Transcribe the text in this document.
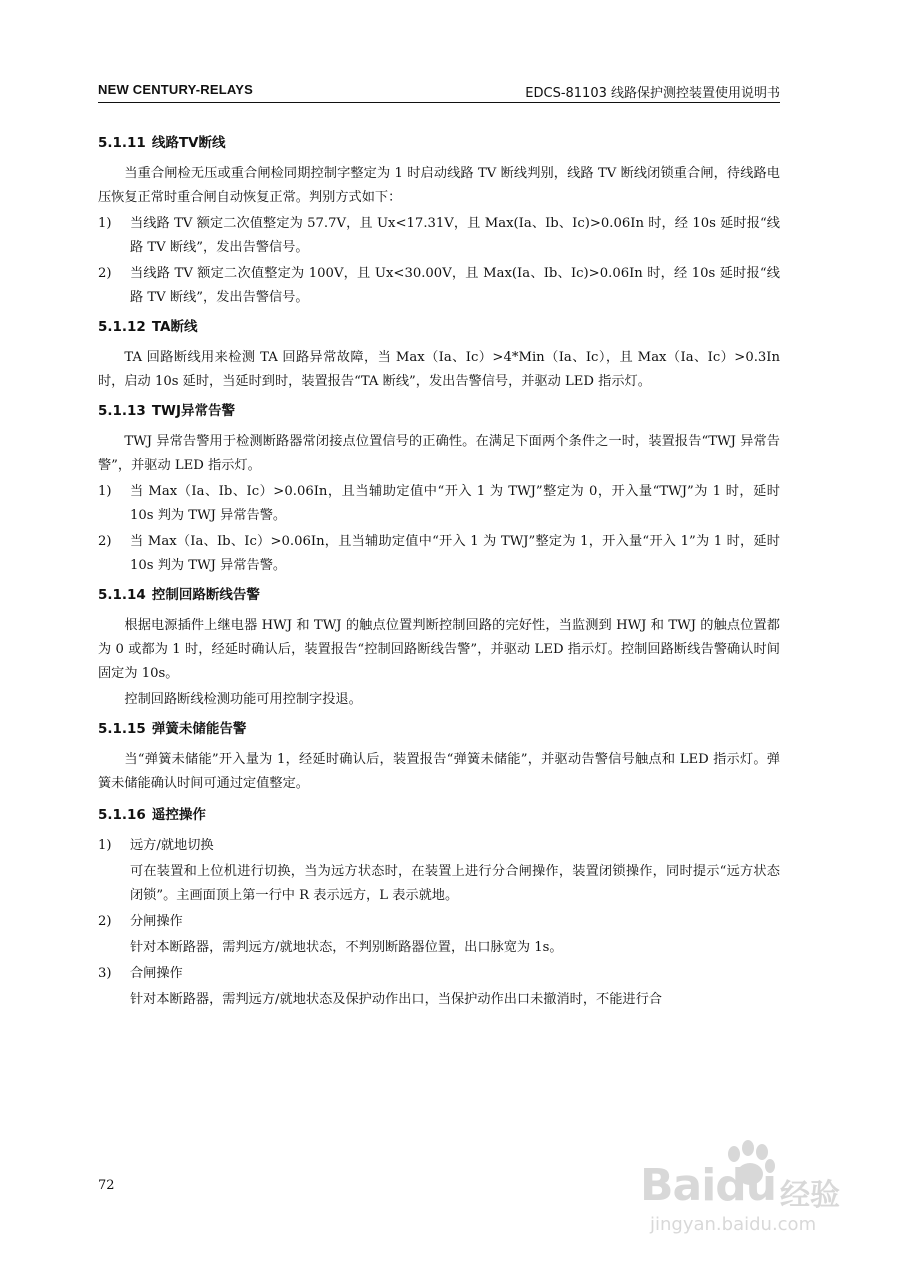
NEW CENTURY-RELAYS	EDCS-81103 线路保护测控装置使用说明书
5.1.11 线路TV断线

当重合闸检无压或重合闸检同期控制字整定为 1 时启动线路 TV 断线判别，线路 TV 断线闭锁重合闸，待线路电压恢复正常时重合闸自动恢复正常。判别方式如下：

1)	当线路 TV 额定二次值整定为 57.7V，且 Ux<17.31V，且 Max(Ia、Ib、Ic)>0.06In 时，经 10s 延时报“线路 TV 断线”，发出告警信号。
2)	当线路 TV 额定二次值整定为 100V，且 Ux<30.00V，且 Max(Ia、Ib、Ic)>0.06In 时，经 10s 延时报“线路 TV 断线”，发出告警信号。
5.1.12 TA断线

TA 回路断线用来检测 TA 回路异常故障，当 Max（Ia、Ic）>4*Min（Ia、Ic），且 Max（Ia、Ic）>0.3In 时，启动 10s 延时，当延时到时，装置报告“TA 断线”，发出告警信号，并驱动 LED 指示灯。

5.1.13 TWJ异常告警

TWJ 异常告警用于检测断路器常闭接点位置信号的正确性。在满足下面两个条件之一时，装置报告“TWJ 异常告警”，并驱动 LED 指示灯。

1)	当 Max（Ia、Ib、Ic）>0.06In，且当辅助定值中“开入 1 为 TWJ”整定为 0，开入量“TWJ”为 1 时，延时 10s 判为 TWJ 异常告警。
2)	当 Max（Ia、Ib、Ic）>0.06In，且当辅助定值中“开入 1 为 TWJ”整定为 1，开入量“开入 1”为 1 时，延时 10s 判为 TWJ 异常告警。
5.1.14 控制回路断线告警

根据电源插件上继电器 HWJ 和 TWJ 的触点位置判断控制回路的完好性，当监测到 HWJ 和 TWJ 的触点位置都为 0 或都为 1 时，经延时确认后，装置报告“控制回路断线告警”，并驱动 LED 指示灯。控制回路断线告警确认时间固定为 10s。

控制回路断线检测功能可用控制字投退。

5.1.15 弹簧未储能告警

当“弹簧未储能”开入量为 1，经延时确认后，装置报告“弹簧未储能”，并驱动告警信号触点和 LED 指示灯。弹簧未储能确认时间可通过定值整定。

5.1.16 遥控操作
1)	远方/就地切换

可在装置和上位机进行切换，当为远方状态时，在装置上进行分合闸操作，装置闭锁操作，同时提示“远方状态闭锁”。主画面顶上第一行中 R 表示远方，L 表示就地。

2)	分闸操作

针对本断路器，需判远方/就地状态，不判别断路器位置，出口脉宽为 1s。

3)	合闸操作

针对本断路器，需判远方/就地状态及保护动作出口，当保护动作出口未撤消时，不能进行合

72	Baidu 经验
jingyan.baidu.com
